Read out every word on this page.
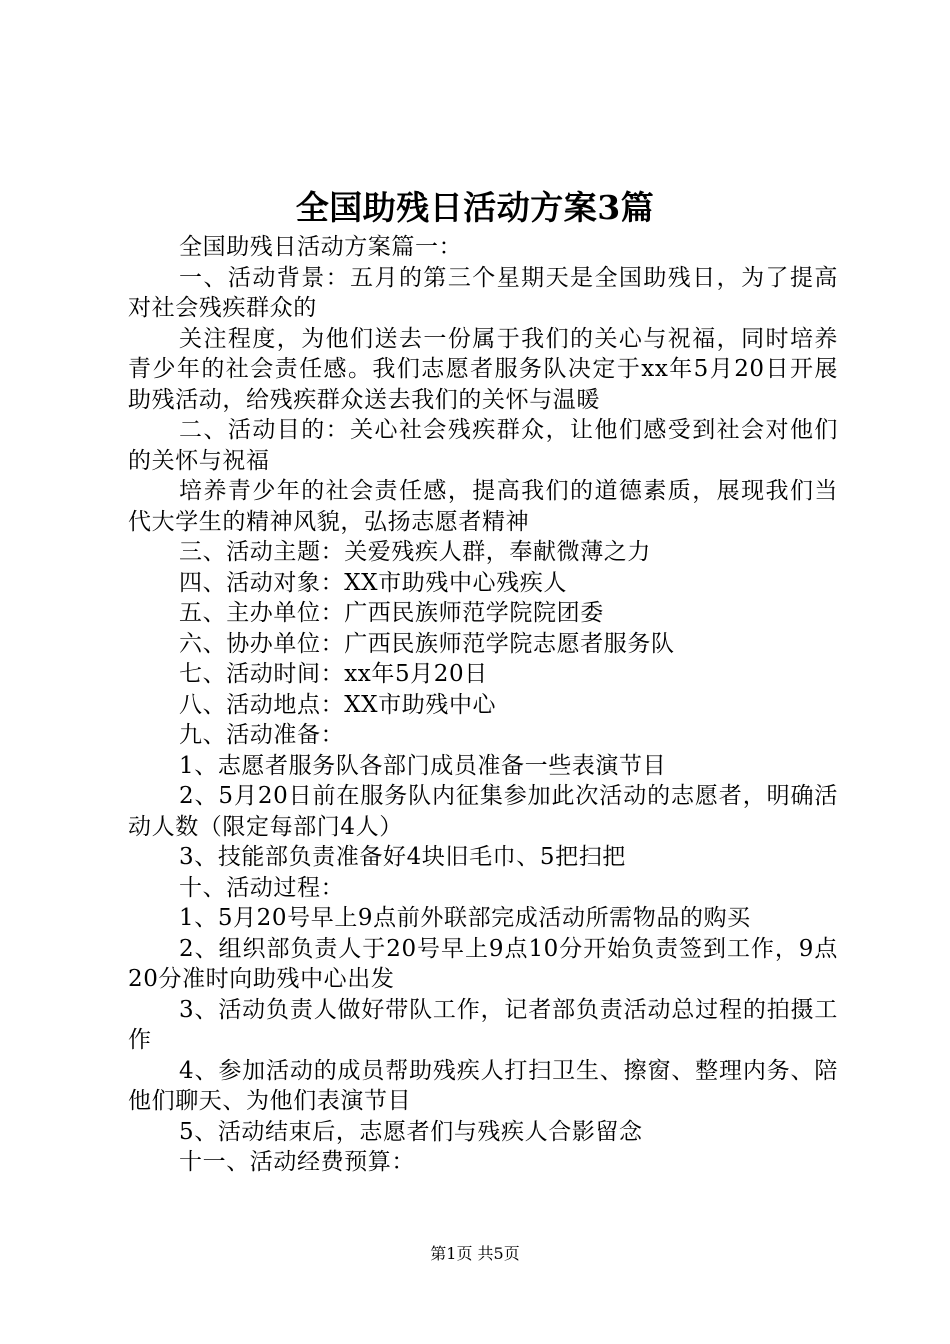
全国助残日活动方案3篇

全国助残日活动方案篇一：

一、活动背景：五月的第三个星期天是全国助残日，为了提高对社会残疾群众的

关注程度，为他们送去一份属于我们的关心与祝福，同时培养青少年的社会责任感。我们志愿者服务队决定于xx年5月20日开展助残活动，给残疾群众送去我们的关怀与温暖

二、活动目的：关心社会残疾群众，让他们感受到社会对他们的关怀与祝福

培养青少年的社会责任感，提高我们的道德素质，展现我们当代大学生的精神风貌，弘扬志愿者精神

三、活动主题：关爱残疾人群，奉献微薄之力

四、活动对象：XX市助残中心残疾人

五、主办单位：广西民族师范学院院团委

六、协办单位：广西民族师范学院志愿者服务队

七、活动时间：xx年5月20日

八、活动地点：XX市助残中心

九、活动准备：

1、志愿者服务队各部门成员准备一些表演节目

2、5月20日前在服务队内征集参加此次活动的志愿者，明确活动人数（限定每部门4人）

3、技能部负责准备好4块旧毛巾、5把扫把

十、活动过程：

1、5月20号早上9点前外联部完成活动所需物品的购买

2、组织部负责人于20号早上9点10分开始负责签到工作，9点20分准时向助残中心出发

3、活动负责人做好带队工作，记者部负责活动总过程的拍摄工作

4、参加活动的成员帮助残疾人打扫卫生、擦窗、整理内务、陪他们聊天、为他们表演节目

5、活动结束后，志愿者们与残疾人合影留念

十一、活动经费预算：

第1页 共5页
